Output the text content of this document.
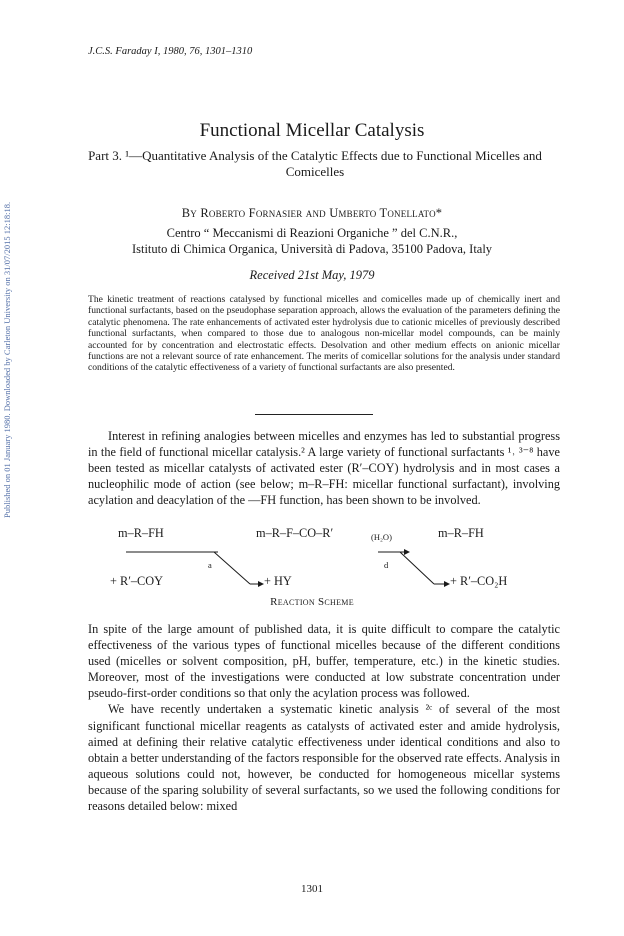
Published on 01 January 1980. Downloaded by Carleton University on 31/07/2015 12:18:18.
J.C.S. Faraday I, 1980, 76, 1301–1310
Functional Micellar Catalysis
Part 3. ¹—Quantitative Analysis of the Catalytic Effects due to Functional Micelles and Comicelles
By Roberto Fornasier and Umberto Tonellato*
Centro “ Meccanismi di Reazioni Organiche ” del C.N.R.,
Istituto di Chimica Organica, Università di Padova, 35100 Padova, Italy
Received 21st May, 1979
The kinetic treatment of reactions catalysed by functional micelles and comicelles made up of chemically inert and functional surfactants, based on the pseudophase separation approach, allows the evaluation of the parameters defining the catalytic phenomena. The rate enhancements of activated ester hydrolysis due to cationic micelles of previously described functional surfactants, when compared to those due to analogous non-micellar model compounds, can be mainly accounted for by concentration and electrostatic effects. Desolvation and other medium effects on anionic micellar functions are not a relevant source of rate enhancement. The merits of comicellar solutions for the analysis under standard conditions of the catalytic effectiveness of a variety of functional surfactants are also presented.
Interest in refining analogies between micelles and enzymes has led to substantial progress in the field of functional micellar catalysis.² A large variety of functional surfactants ¹˒ ³⁻⁸ have been tested as micellar catalysts of activated ester (R′–COY) hydrolysis and in most cases a nucleophilic mode of action (see below; m–R–FH: micellar functional surfactant), involving acylation and deacylation of the —FH function, has been shown to be involved.
m–R–FH
+ R′–COY
a
m–R–F–CO–R′
+ HY
(H₂O)
d
m–R–FH
+ R′–CO₂H
Reaction Scheme
In spite of the large amount of published data, it is quite difficult to compare the catalytic effectiveness of the various types of functional micelles because of the different conditions used (micelles or solvent composition, pH, buffer, temperature, etc.) in the kinetic studies. Moreover, most of the investigations were conducted at low substrate concentration under pseudo-first-order conditions so that only the acylation process was followed.
We have recently undertaken a systematic kinetic analysis ²ᶜ of several of the most significant functional micellar reagents as catalysts of activated ester and amide hydrolysis, aimed at defining their relative catalytic effectiveness under identical conditions and also to obtain a better understanding of the factors responsible for the observed rate effects. Analysis in aqueous solutions could not, however, be conducted for homogeneous micellar systems because of the sparing solubility of several surfactants, so we used the following conditions for reasons detailed below: mixed
1301
